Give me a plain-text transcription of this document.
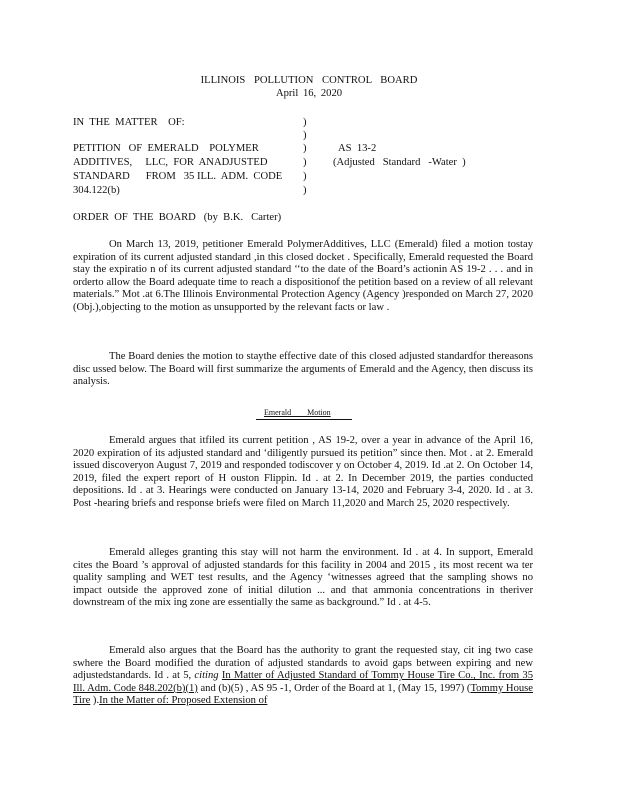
ILLINOIS POLLUTION CONTROL BOARD
April 16, 2020
IN  THE  MATTER    OF:
PETITION   OF  EMERALD    POLYMER
ADDITIVES,     LLC,  FOR  ANADJUSTED
STANDARD      FROM   35 ILL.  ADM.  CODE
304.122(b)
)
)
)
)
)
)
AS  13-2
(Adjusted   Standard   -Water  )
ORDER  OF  THE  BOARD   (by  B.K.   Carter)

On March 13, 2019, petitioner Emerald PolymerAdditives, LLC (Emerald) filed a motion tostay expiration of its current adjusted standard ,in this closed docket . Specifically, Emerald requested the Board stay the expiratio n of its current adjusted standard ‘‘to the date of the Board’s actionin AS 19-2 . . . and in orderto allow the Board adequate time to reach a dispositionof the petition based on a review of all relevant materials.” Mot .at 6.The Illinois Environmental Protection Agency (Agency )responded on March 27, 2020 (Obj.),objecting to the motion as unsupported by the relevant facts or law .

The Board denies the motion to staythe effective date of this closed adjusted standardfor thereasons disc ussed below. The Board will first summarize the arguments of Emerald and the Agency, then discuss its analysis.

Emerald Motion

Emerald argues that itfiled its current petition , AS 19-2, over a year in advance of the April 16, 2020 expiration of its adjusted standard and ‘diligently pursued its petition” since then. Mot . at 2. Emerald issued discoveryon August 7, 2019 and responded todiscover y on October 4, 2019. Id .at 2. On October 14, 2019, filed the expert report of H ouston Flippin. Id . at 2. In December 2019, the parties conducted depositions. Id . at 3. Hearings were conducted on January 13-14, 2020 and February 3-4, 2020. Id . at 3. Post -hearing briefs and response briefs were filed on March 11,2020 and March 25, 2020 respectively.

Emerald alleges granting this stay will not harm the environment. Id . at 4. In support, Emerald cites the Board ’s approval of adjusted standards for this facility in 2004 and 2015 , its most recent wa ter quality sampling and WET test results, and the Agency ‘witnesses agreed that the sampling shows no impact outside the approved zone of initial dilution ... and that ammonia concentrations in theriver downstream of the mix ing zone are essentially the same as background.” Id . at 4-5.

Emerald also argues that the Board has the authority to grant the requested stay, cit ing two case swhere the Board modified the duration of adjusted standards to avoid gaps between expiring and new adjustedstandards. Id . at 5, citing In Matter of Adjusted Standard of Tommy House Tire Co., Inc. from 35 Ill. Adm. Code 848.202(b)(1) and (b)(5) , AS 95 -1, Order of the Board at 1, (May 15, 1997) (Tommy House Tire ).In the Matter of: Proposed Extension of
